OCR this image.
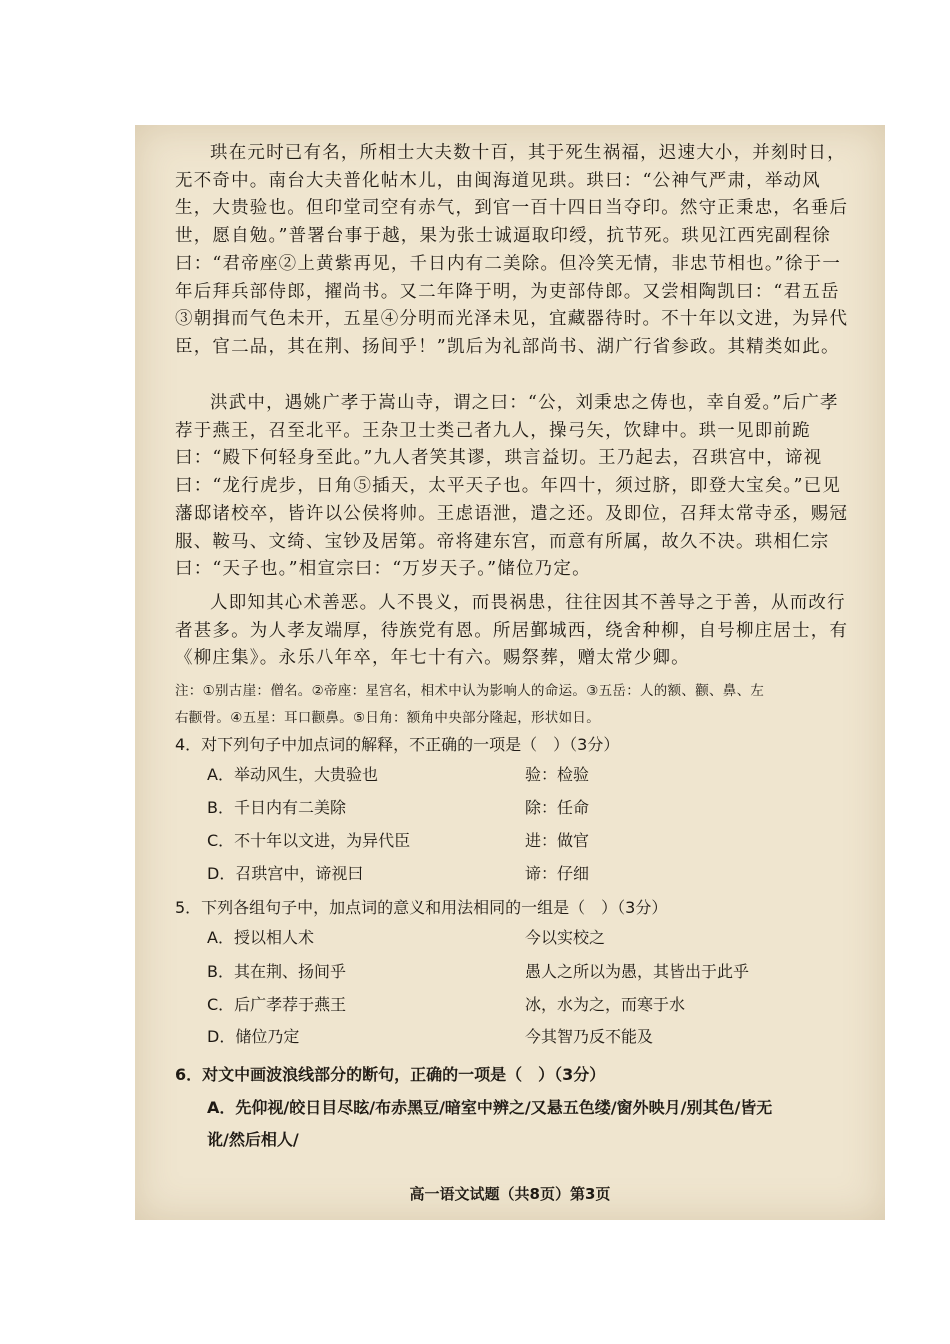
珙在元时已有名，所相士大夫数十百，其于死生祸福，迟速大小，并刻时日，无不奇中。南台大夫普化帖木儿，由闽海道见珙。珙曰：“公神气严肃，举动风生，大贵验也。但印堂司空有赤气，到官一百十四日当夺印。然守正秉忠，名垂后世，愿自勉。”普署台事于越，果为张士诚逼取印绶，抗节死。珙见江西宪副程徐曰：“君帝座②上黄紫再见，千日内有二美除。但冷笑无情，非忠节相也。”徐于一年后拜兵部侍郎，擢尚书。又二年降于明，为吏部侍郎。又尝相陶凯曰：“君五岳③朝揖而气色未开，五星④分明而光泽未见，宜藏器待时。不十年以文进，为异代臣，官二品，其在荆、扬间乎！”凯后为礼部尚书、湖广行省参政。其精类如此。

洪武中，遇姚广孝于嵩山寺，谓之曰：“公，刘秉忠之俦也，幸自爱。”后广孝荐于燕王，召至北平。王杂卫士类己者九人，操弓矢，饮肆中。珙一见即前跪曰：“殿下何轻身至此。”九人者笑其谬，珙言益切。王乃起去，召珙宫中，谛视曰：“龙行虎步，日角⑤插天，太平天子也。年四十，须过脐，即登大宝矣。”已见藩邸诸校卒，皆许以公侯将帅。王虑语泄，遣之还。及即位，召拜太常寺丞，赐冠服、鞍马、文绮、宝钞及居第。帝将建东宫，而意有所属，故久不决。珙相仁宗曰：“天子也。”相宣宗曰：“万岁天子。”储位乃定。

人即知其心术善恶。人不畏义，而畏祸患，往往因其不善导之于善，从而改行者甚多。为人孝友端厚，待族党有恩。所居鄞城西，绕舍种柳，自号柳庄居士，有《柳庄集》。永乐八年卒，年七十有六。赐祭葬，赠太常少卿。

注：①别古崖：僧名。②帝座：星宫名，相术中认为影响人的命运。③五岳：人的额、颧、鼻、左
右颧骨。④五星：耳口颧鼻。⑤日角：额角中央部分隆起，形状如日。
4．对下列句子中加点词的解释，不正确的一项是（　）（3分）
A．举动风生，大贵验也	验：检验
B．千日内有二美除	除：任命
C．不十年以文进，为异代臣	进：做官
D．召珙宫中，谛视曰	谛：仔细
5．下列各组句子中，加点词的意义和用法相同的一组是（　）（3分）
A．授以相人术	今以实校之
B．其在荆、扬间乎	愚人之所以为愚，其皆出于此乎
C．后广孝荐于燕王	冰，水为之，而寒于水
D．储位乃定	今其智乃反不能及
6．对文中画波浪线部分的断句，正确的一项是（　）（3分）
A．先仰视/皎日目尽眩/布赤黑豆/暗室中辨之/又悬五色缕/窗外映月/别其色/皆无
讹/然后相人/
高一语文试题（共8页）第3页
